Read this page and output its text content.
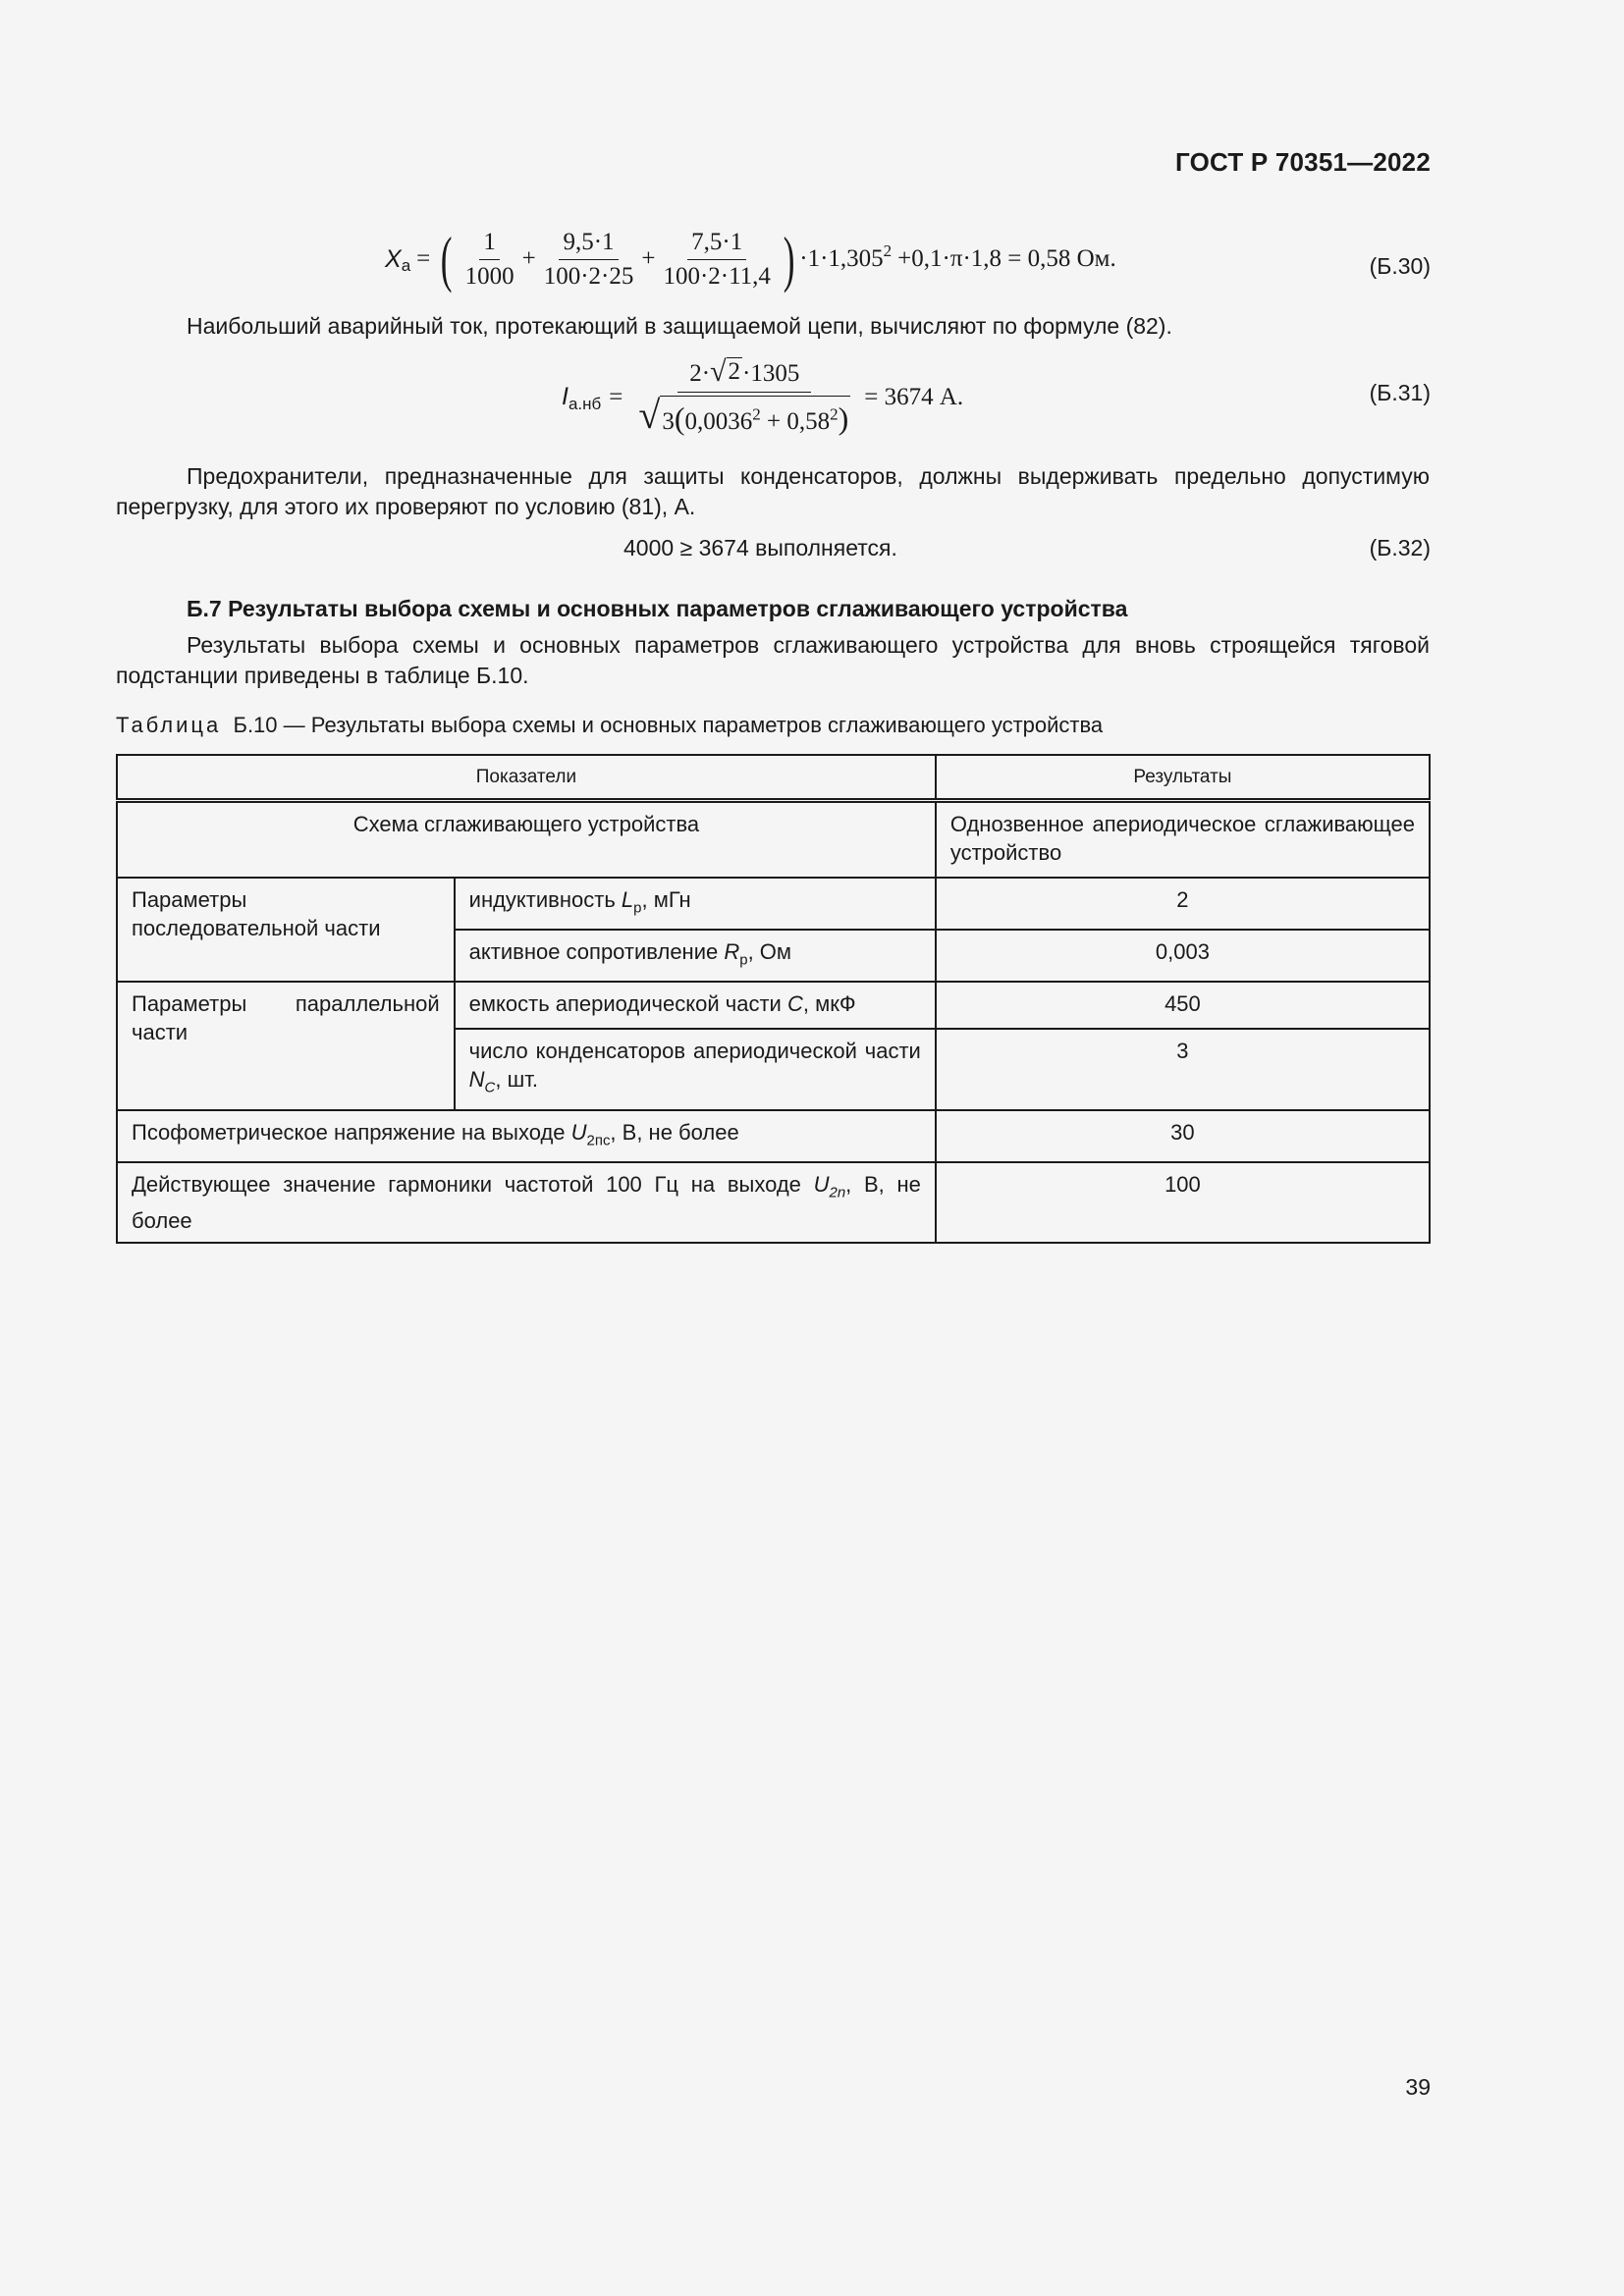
ГОСТ Р 70351—2022
$X_а$ = ( $\frac{1}{1000} + \frac{9,5\cdot 1}{100\cdot 2\cdot 25} + \frac{7,5\cdot 1}{100\cdot 2\cdot 11,4}$ ) $\cdot 1\cdot 1,305^2 +0,1\cdot\pi\cdot 1,8 = 0,58$ Ом.	(Б.30)
Наибольший аварийный ток, протекающий в защищаемой цепи, вычисляют по формуле (82).
$I_{а.нб} = \frac{2\cdot √ 2 \cdot 1305}{√ 3(0,0036^2 + 0,58^2)} = 3674$ А.	(Б.31)
Предохранители, предназначенные для защиты конденсаторов, должны выдерживать предельно допустимую перегрузку, для этого их проверяют по условию (81), А.
4000 ≥ 3674 выполняется.	(Б.32)
Б.7 Результаты выбора схемы и основных параметров сглаживающего устройства
Результаты выбора схемы и основных параметров сглаживающего устройства для вновь строящейся тяговой подстанции приведены в таблице Б.10.
Таблица Б.10 — Результаты выбора схемы и основных параметров сглаживающего устройства
Показатели		Результаты
Схема сглаживающего устройства		Однозвенное апериодическое сглаживающее устройство
Параметры последовательной части	индуктивность $L_р$, мГн	2
	активное сопротивление $R_р$, Ом	0,003
Параметры параллельной части	емкость апериодической части C, мкФ	450
	число конденсаторов апериодической части $N_C$, шт.	3
Псофометрическое напряжение на выходе $U_{2пс}$, В, не более		30
Действующее значение гармоники частотой 100 Гц на выходе $U_{2n}$, В, не более		100
39
